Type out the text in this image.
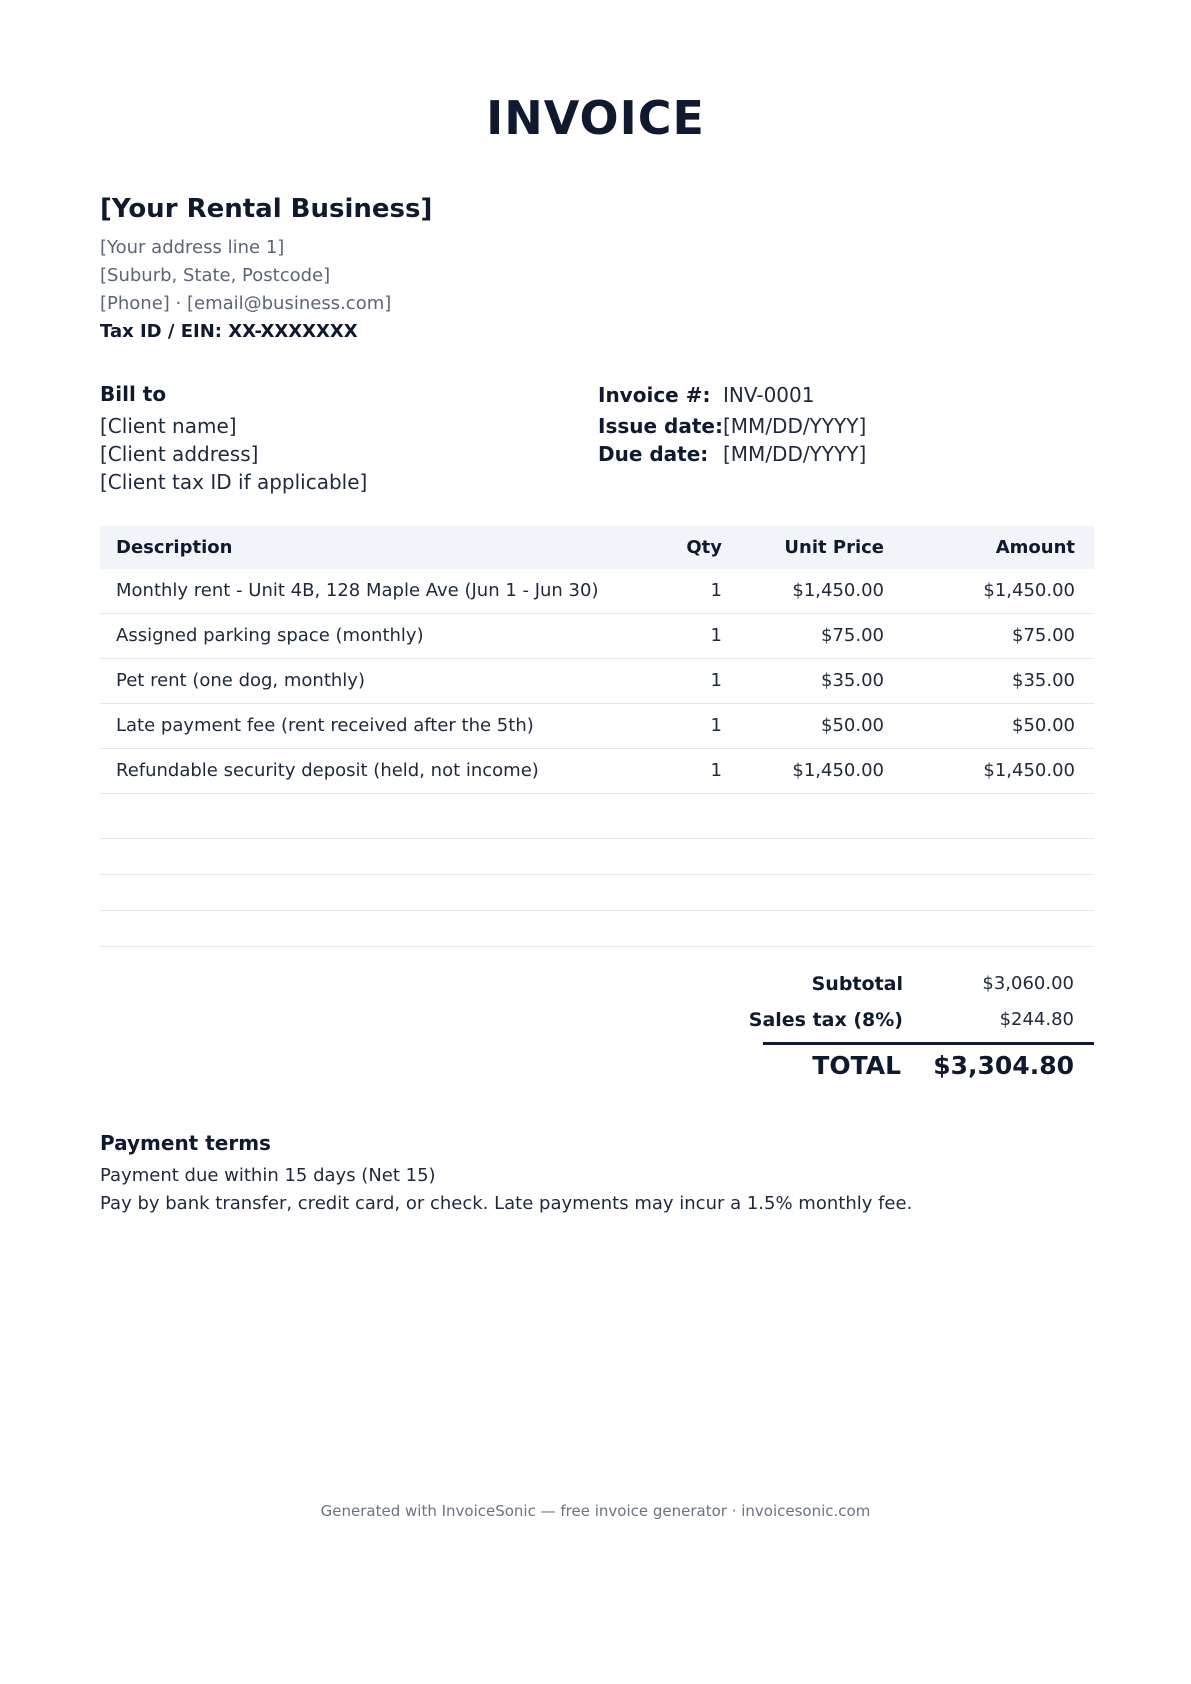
INVOICE
[Your Rental Business]
[Your address line 1]
[Suburb, State, Postcode]
[Phone] · [email@business.com]
Tax ID / EIN: XX-XXXXXXX
Bill to
[Client name]
[Client address]
[Client tax ID if applicable]
Invoice #: INV-0001
Issue date: [MM/DD/YYYY]
Due date: [MM/DD/YYYY]
Description	Qty	Unit Price	Amount
Monthly rent - Unit 4B, 128 Maple Ave (Jun 1 - Jun 30)	1	$1,450.00	$1,450.00
Assigned parking space (monthly)	1	$75.00	$75.00
Pet rent (one dog, monthly)	1	$35.00	$35.00
Late payment fee (rent received after the 5th)	1	$50.00	$50.00
Refundable security deposit (held, not income)	1	$1,450.00	$1,450.00
Subtotal	$3,060.00
Sales tax (8%)	$244.80
TOTAL $3,304.80
Payment terms
Payment due within 15 days (Net 15)
Pay by bank transfer, credit card, or check. Late payments may incur a 1.5% monthly fee.
Generated with InvoiceSonic — free invoice generator · invoicesonic.com
